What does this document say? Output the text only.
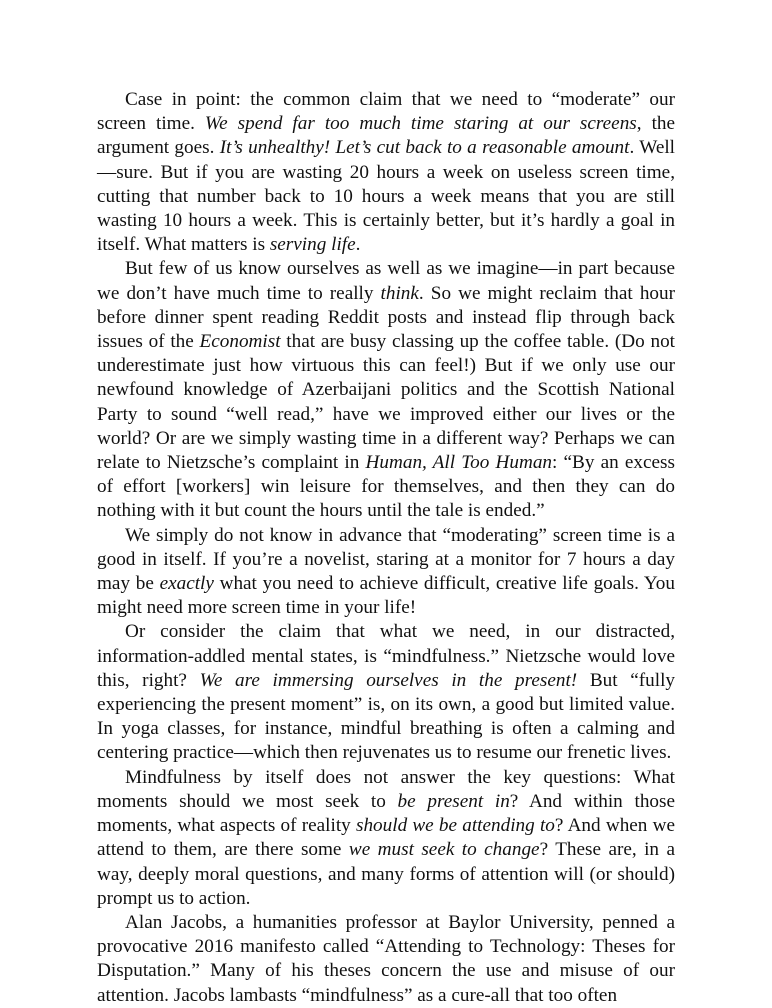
Case in point: the common claim that we need to “moderate” our screen time. We spend far too much time staring at our screens, the argument goes. It’s unhealthy! Let’s cut back to a reasonable amount. Well—sure. But if you are wasting 20 hours a week on useless screen time, cutting that number back to 10 hours a week means that you are still wasting 10 hours a week. This is certainly better, but it’s hardly a goal in itself. What matters is serving life.

But few of us know ourselves as well as we imagine—in part because we don’t have much time to really think. So we might reclaim that hour before dinner spent reading Reddit posts and instead flip through back issues of the Economist that are busy classing up the coffee table. (Do not underestimate just how virtuous this can feel!) But if we only use our newfound knowledge of Azerbaijani politics and the Scottish National Party to sound “well read,” have we improved either our lives or the world? Or are we simply wasting time in a different way? Perhaps we can relate to Nietzsche’s complaint in Human, All Too Human: “By an excess of effort [workers] win leisure for themselves, and then they can do nothing with it but count the hours until the tale is ended.”

We simply do not know in advance that “moderating” screen time is a good in itself. If you’re a novelist, staring at a monitor for 7 hours a day may be exactly what you need to achieve difficult, creative life goals. You might need more screen time in your life!

Or consider the claim that what we need, in our distracted, information-addled mental states, is “mindfulness.” Nietzsche would love this, right? We are immersing ourselves in the present! But “fully experiencing the present moment” is, on its own, a good but limited value. In yoga classes, for instance, mindful breathing is often a calming and centering practice—which then rejuvenates us to resume our frenetic lives.

Mindfulness by itself does not answer the key questions: What moments should we most seek to be present in? And within those moments, what aspects of reality should we be attending to? And when we attend to them, are there some we must seek to change? These are, in a way, deeply moral questions, and many forms of attention will (or should) prompt us to action.

Alan Jacobs, a humanities professor at Baylor University, penned a provocative 2016 manifesto called “Attending to Technology: Theses for Disputation.” Many of his theses concern the use and misuse of our attention. Jacobs lambasts “mindfulness” as a cure-all that too often
